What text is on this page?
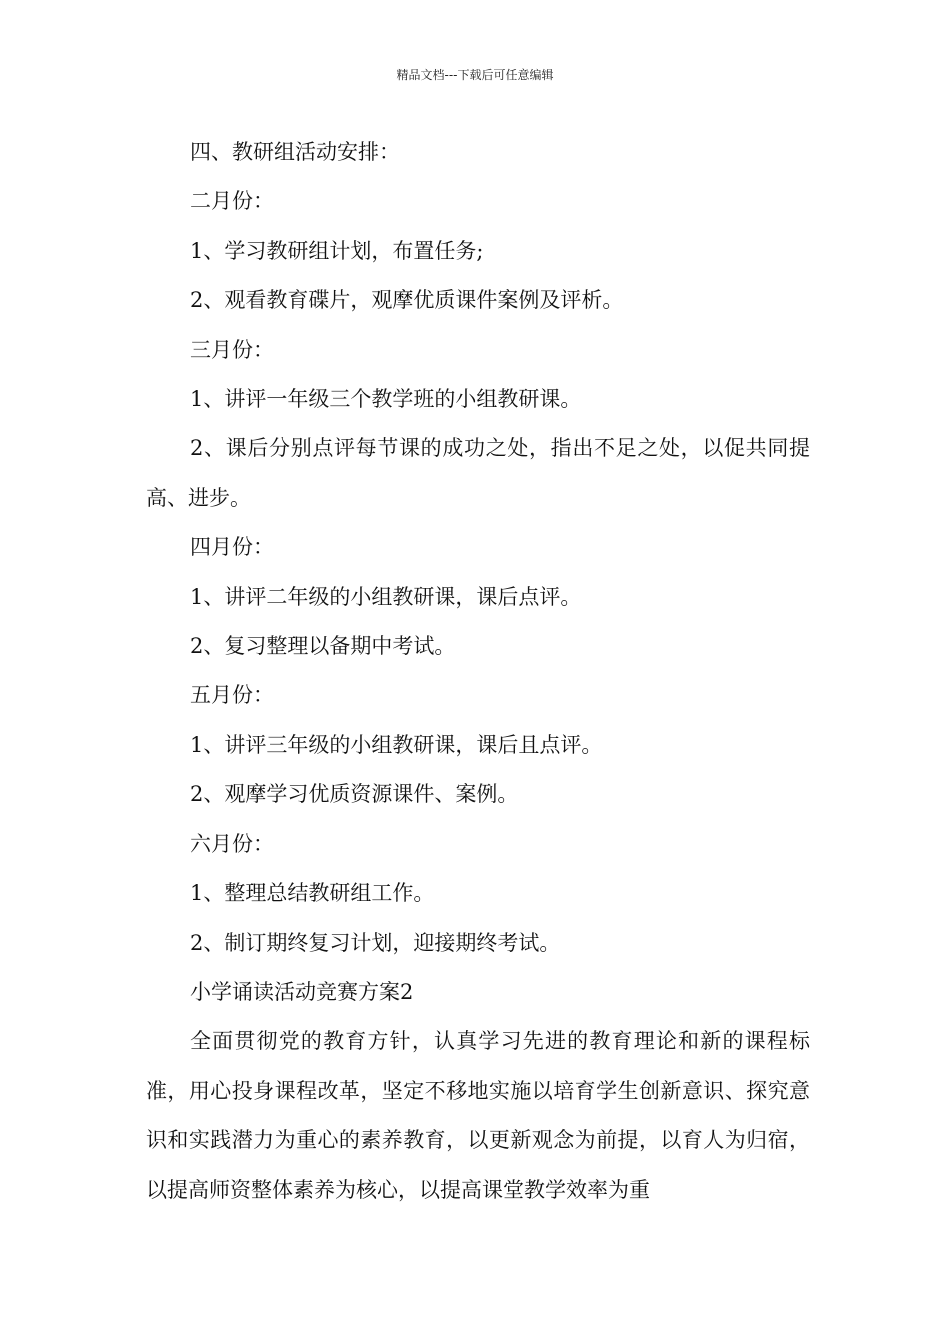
精品文档---下载后可任意编辑

四、教研组活动安排：

二月份：

1、学习教研组计划，布置任务;

2、观看教育碟片，观摩优质课件案例及评析。

三月份：

1、讲评一年级三个教学班的小组教研课。

2、课后分别点评每节课的成功之处，指出不足之处，以促共同提高、进步。

四月份：

1、讲评二年级的小组教研课，课后点评。

2、复习整理以备期中考试。

五月份：

1、讲评三年级的小组教研课，课后且点评。

2、观摩学习优质资源课件、案例。

六月份：

1、整理总结教研组工作。

2、制订期终复习计划，迎接期终考试。

小学诵读活动竞赛方案2

全面贯彻党的教育方针，认真学习先进的教育理论和新的课程标准，用心投身课程改革，坚定不移地实施以培育学生创新意识、探究意识和实践潜力为重心的素养教育，以更新观念为前提，以育人为归宿，以提高师资整体素养为核心，以提高课堂教学效率为重
